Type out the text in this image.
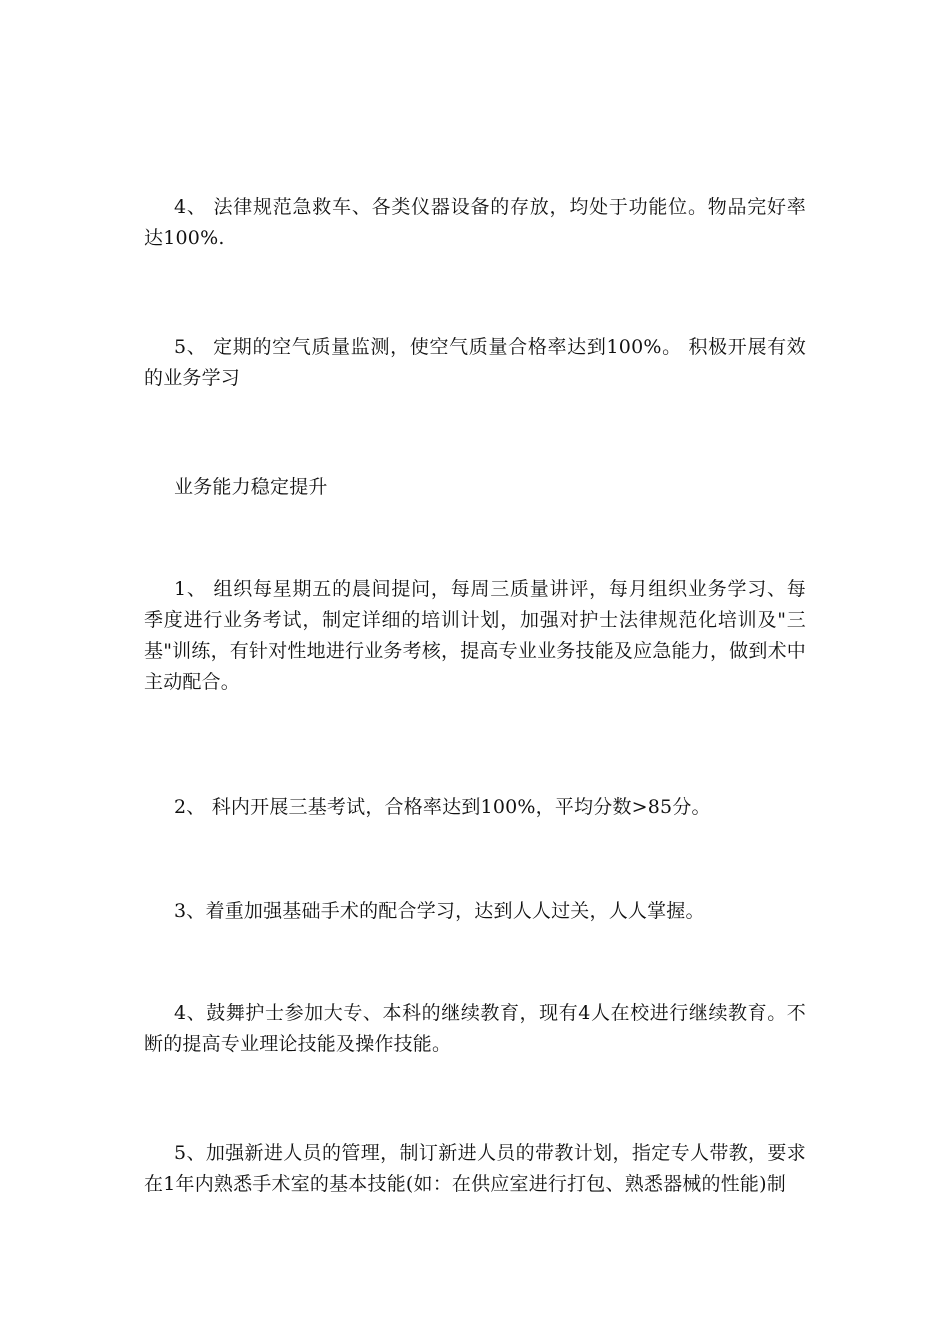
4、 法律规范急救车、各类仪器设备的存放，均处于功能位。物品完好率达100%.

5、 定期的空气质量监测，使空气质量合格率达到100%。 积极开展有效的业务学习

业务能力稳定提升

1、 组织每星期五的晨间提问，每周三质量讲评，每月组织业务学习、每季度进行业务考试，制定详细的培训计划，加强对护士法律规范化培训及"三基"训练，有针对性地进行业务考核，提高专业业务技能及应急能力，做到术中主动配合。

2、 科内开展三基考试，合格率达到100%，平均分数>85分。

3、着重加强基础手术的配合学习，达到人人过关，人人掌握。

4、鼓舞护士参加大专、本科的继续教育，现有4人在校进行继续教育。不断的提高专业理论技能及操作技能。

5、加强新进人员的管理，制订新进人员的带教计划，指定专人带教，要求在1年内熟悉手术室的基本技能(如：在供应室进行打包、熟悉器械的性能)制
